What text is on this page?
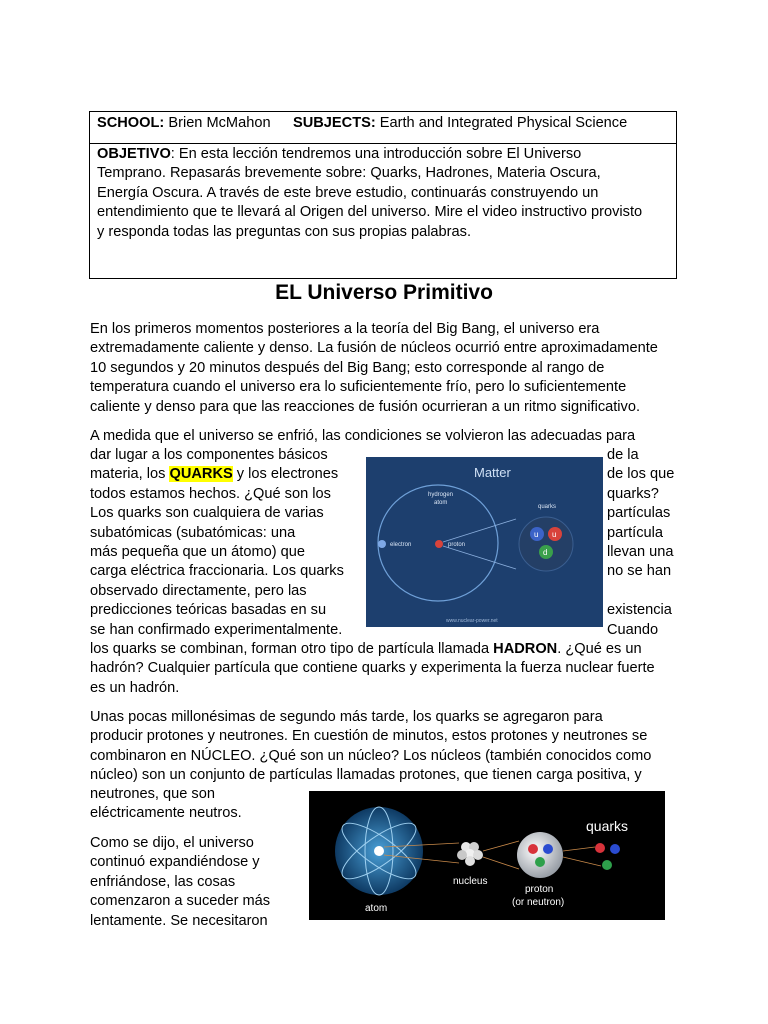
SCHOOL: Brien McMahon SUBJECTS: Earth and Integrated Physical Science
OBJETIVO: En esta lección tendremos una introducción sobre El Universo
Temprano. Repasarás brevemente sobre: Quarks, Hadrones, Materia Oscura,
Energía Oscura. A través de este breve estudio, continuarás construyendo un
entendimiento que te llevará al Origen del universo. Mire el video instructivo provisto
y responda todas las preguntas con sus propias palabras.
EL Universo Primitivo
En los primeros momentos posteriores a la teoría del Big Bang, el universo era
extremadamente caliente y denso. La fusión de núcleos ocurrió entre aproximadamente
10 segundos y 20 minutos después del Big Bang; esto corresponde al rango de
temperatura cuando el universo era lo suficientemente frío, pero lo suficientemente
caliente y denso para que las reacciones de fusión ocurrieran a un ritmo significativo.
A medida que el universo se enfrió, las condiciones se volvieron las adecuadas para
dar lugar a los componentes básicos
materia, los QUARKS y los electrones
todos estamos hechos. ¿Qué son los
Los quarks son cualquiera de varias
subatómicas (subatómicas: una
más pequeña que un átomo) que
carga eléctrica fraccionaria. Los quarks
observado directamente, pero las
predicciones teóricas basadas en su
se han confirmado experimentalmente.
de la
de los que
quarks?
partículas
partícula
llevan una
no se han
existencia
Cuando
los quarks se combinan, forman otro tipo de partícula llamada HADRON. ¿Qué es un
hadrón? Cualquier partícula que contiene quarks y experimenta la fuerza nuclear fuerte
es un hadrón.
Matter
hydrogen
atom
electron	proton
quarks
u u
d
www.nuclear-power.net
Unas pocas millonésimas de segundo más tarde, los quarks se agregaron para
producir protones y neutrones. En cuestión de minutos, estos protones y neutrones se
combinaron en NÚCLEO. ¿Qué son un núcleo? Los núcleos (también conocidos como
núcleo) son un conjunto de partículas llamadas protones, que tienen carga positiva, y
neutrones, que son
eléctricamente neutros.
Como se dijo, el universo
continuó expandiéndose y
enfriándose, las cosas
comenzaron a suceder más
lentamente. Se necesitaron
atom
nucleus
proton
(or neutron)
quarks
